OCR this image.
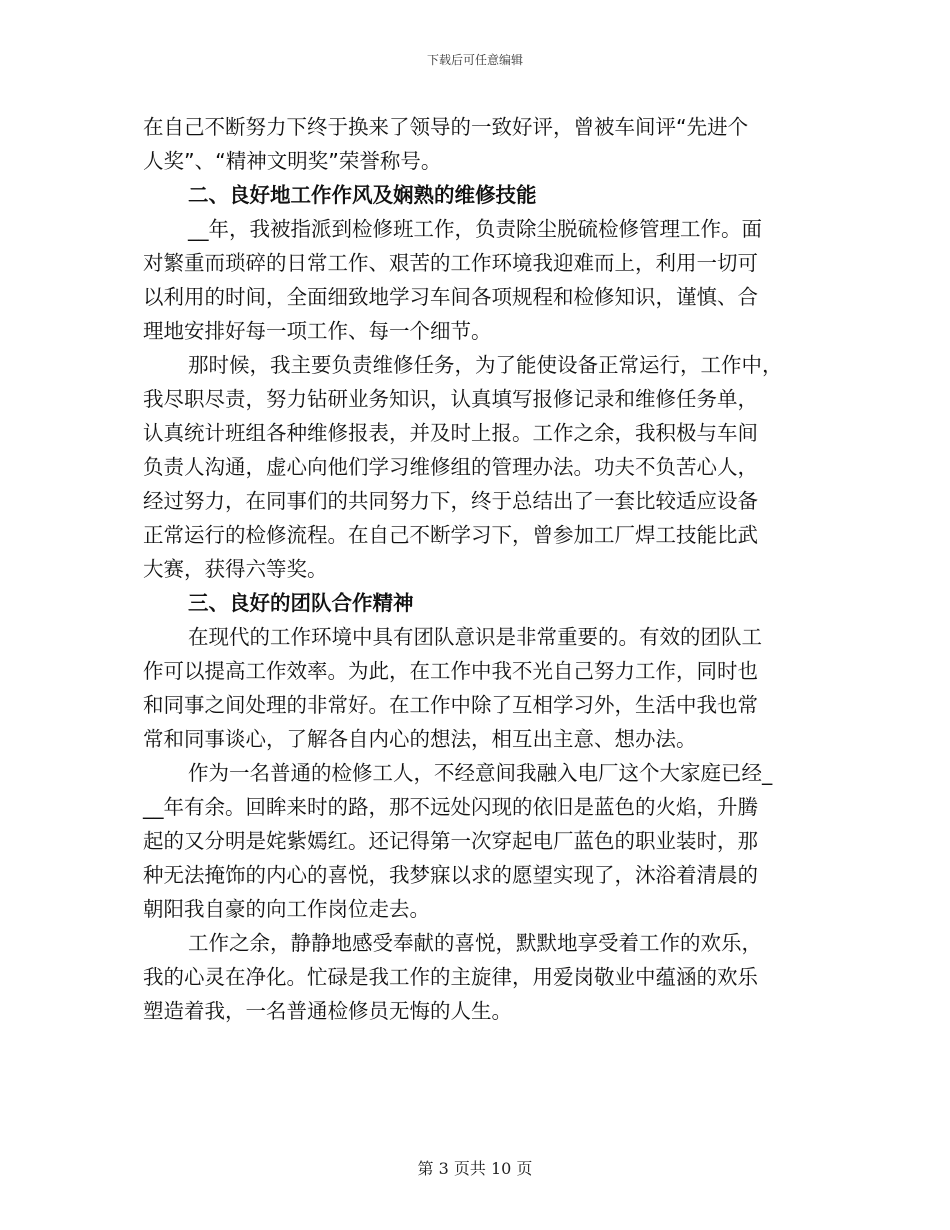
下载后可任意编辑
在自己不断努力下终于换来了领导的一致好评，曾被车间评“先进个
人奖”、“精神文明奖”荣誉称号。
二、良好地工作作风及娴熟的维修技能
__年，我被指派到检修班工作，负责除尘脱硫检修管理工作。面
对繁重而琐碎的日常工作、艰苦的工作环境我迎难而上，利用一切可
以利用的时间，全面细致地学习车间各项规程和检修知识，谨慎、合
理地安排好每一项工作、每一个细节。
那时候，我主要负责维修任务，为了能使设备正常运行，工作中，
我尽职尽责，努力钻研业务知识，认真填写报修记录和维修任务单，
认真统计班组各种维修报表，并及时上报。工作之余，我积极与车间
负责人沟通，虚心向他们学习维修组的管理办法。功夫不负苦心人，
经过努力，在同事们的共同努力下，终于总结出了一套比较适应设备
正常运行的检修流程。在自己不断学习下，曾参加工厂焊工技能比武
大赛，获得六等奖。
三、良好的团队合作精神
在现代的工作环境中具有团队意识是非常重要的。有效的团队工
作可以提高工作效率。为此，在工作中我不光自己努力工作，同时也
和同事之间处理的非常好。在工作中除了互相学习外，生活中我也常
常和同事谈心，了解各自内心的想法，相互出主意、想办法。
作为一名普通的检修工人，不经意间我融入电厂这个大家庭已经_
__年有余。回眸来时的路，那不远处闪现的依旧是蓝色的火焰，升腾
起的又分明是姹紫嫣红。还记得第一次穿起电厂蓝色的职业装时，那
种无法掩饰的内心的喜悦，我梦寐以求的愿望实现了，沐浴着清晨的
朝阳我自豪的向工作岗位走去。
工作之余，静静地感受奉献的喜悦，默默地享受着工作的欢乐，
我的心灵在净化。忙碌是我工作的主旋律，用爱岗敬业中蕴涵的欢乐
塑造着我，一名普通检修员无悔的人生。
第 3 页共 10 页
